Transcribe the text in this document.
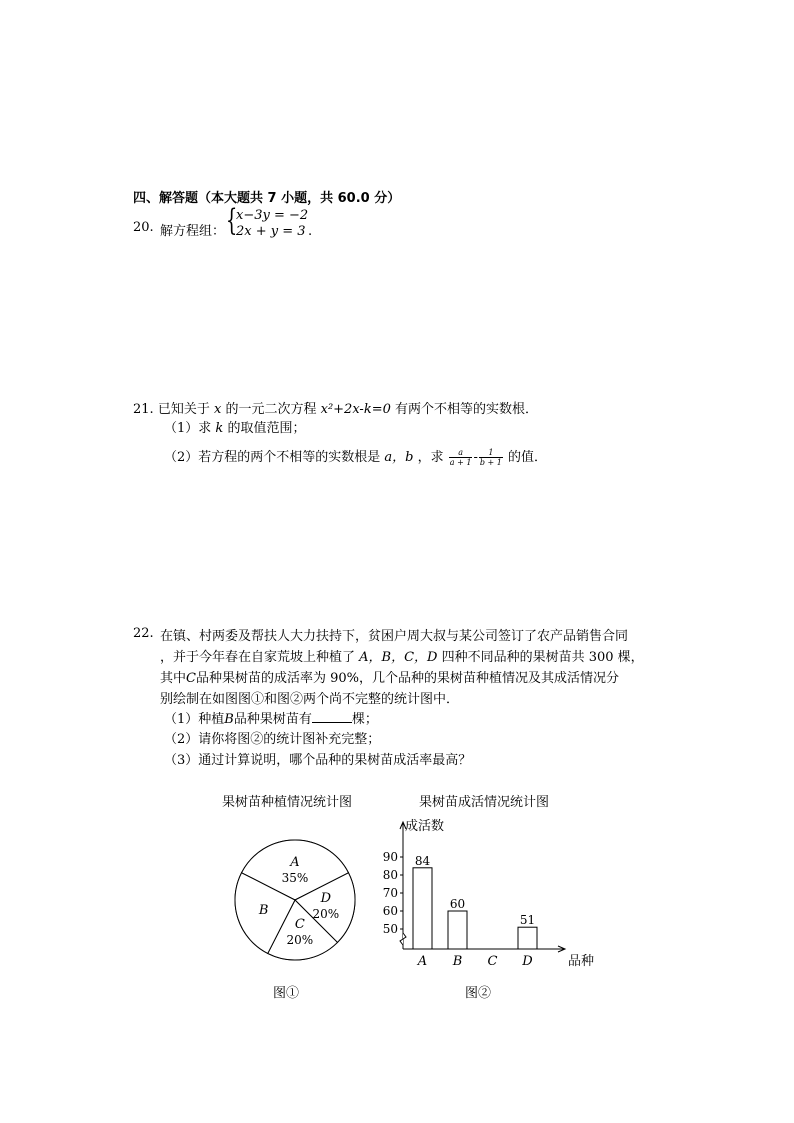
四、解答题（本大题共 7 小题，共 60.0 分）
20. 解方程组： {
x−3y = −2
2x + y = 3 .
21. 已知关于 x 的一元二次方程 x²+2x-k=0 有两个不相等的实数根．
（1）求 k 的取值范围；
（2）若方程的两个不相等的实数根是 a，b ，求 $\frac{a}{a + 1} - \frac{1}{b + 1}$ 的值．
22. 在镇、村两委及帮扶人大力扶持下，贫困户周大叔与某公司签订了农产品销售合同
，并于今年春在自家荒坡上种植了 A，B，C，D 四种不同品种的果树苗共 300 棵，
其中C品种果树苗的成活率为 90%，几个品种的果树苗种植情况及其成活情况分
别绘制在如图图①和图②两个尚不完整的统计图中．
（1）种植B品种果树苗有	棵；
（2）请你将图②的统计图补充完整；
（3）通过计算说明，哪个品种的果树苗成活率最高？
果树苗种植情况统计图
A
35%
D
20%
C
20%
B
图①
果树苗成活情况统计图
成活数
品种
50
60
70
80
90 84
A
60
B C
51
D
图②
